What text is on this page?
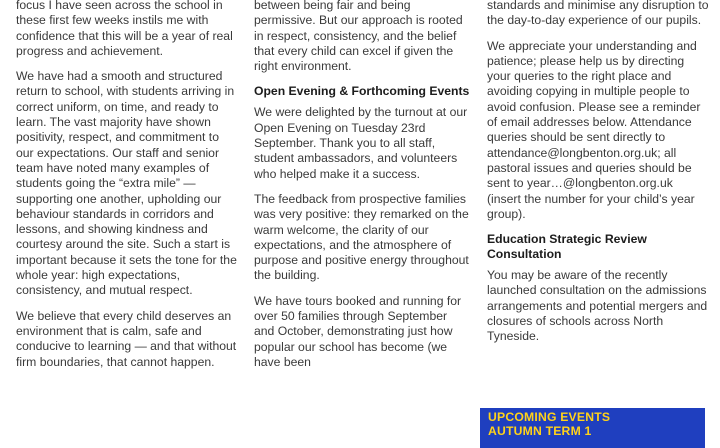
focus I have seen across the school in these first few weeks instils me with confidence that this will be a year of real progress and achievement.

We have had a smooth and structured return to school, with students arriving in correct uniform, on time, and ready to learn. The vast majority have shown positivity, respect, and commitment to our expectations. Our staff and senior team have noted many examples of students going the “extra mile” — supporting one another, upholding our behaviour standards in corridors and lessons, and showing kindness and courtesy around the site. Such a start is important because it sets the tone for the whole year: high expectations, consistency, and mutual respect.

We believe that every child deserves an environment that is calm, safe and conducive to learning — and that without firm boundaries, that cannot happen.

between being fair and being permissive. But our approach is rooted in respect, consistency, and the belief that every child can excel if given the right environment.

Open Evening & Forthcoming Events

We were delighted by the turnout at our Open Evening on Tuesday 23rd September. Thank you to all staff, student ambassadors, and volunteers who helped make it a success.

The feedback from prospective families was very positive: they remarked on the warm welcome, the clarity of our expectations, and the atmosphere of purpose and positive energy throughout the building.

We have tours booked and running for over 50 families through September and October, demonstrating just how popular our school has become (we have been

standards and minimise any disruption to the day-to-day experience of our pupils.

We appreciate your understanding and patience; please help us by directing your queries to the right place and avoiding copying in multiple people to avoid confusion. Please see a reminder of email addresses below. Attendance queries should be sent directly to attendance@longbenton.org.uk; all pastoral issues and queries should be sent to year…@longbenton.org.uk (insert the number for your child’s year group).

Education Strategic Review Consultation

You may be aware of the recently launched consultation on the admissions arrangements and potential mergers and closures of schools across North Tyneside.

UPCOMING EVENTS
AUTUMN TERM 1
